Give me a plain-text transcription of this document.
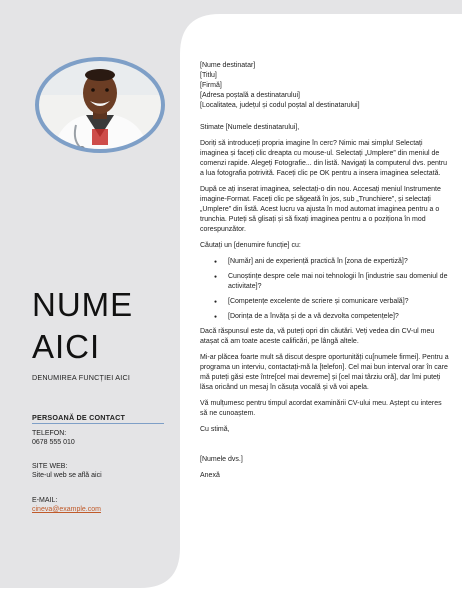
NUME
AICI
DENUMIREA FUNCȚIEI AICI
PERSOANĂ DE CONTACT
TELEFON:
0678 555 010
SITE WEB:
Site-ul web se află aici
E-MAIL:
cineva@example.com
[Nume destinatar]
[Titlu]
[Firmă]
[Adresa poștală a destinatarului]
[Localitatea, județul și codul poștal al destinatarului]

Stimate [Numele destinatarului],

Doriți să introduceți propria imagine în cerc? Nimic mai simplu! Selectați imaginea și faceți clic dreapta cu mouse-ul. Selectați „Umplere” din meniul de comenzi rapide. Alegeți Fotografie... din listă. Navigați la computerul dvs. pentru a lua fotografia potrivită. Faceți clic pe OK pentru a insera imaginea selectată.

După ce ați inserat imaginea, selectați-o din nou. Accesați meniul Instrumente imagine-Format. Faceți clic pe săgeată în jos, sub „Trunchiere”, și selectați „Umplere” din listă. Acest lucru va ajusta în mod automat imaginea pentru a o trunchia. Puteți să glisați și să fixați imaginea pentru a o poziționa în mod corespunzător.

Căutați un [denumire funcție] cu:

● [Număr] ani de experiență practică în [zona de expertiză]?
● Cunoștințe despre cele mai noi tehnologii în [industrie sau domeniul de activitate]?
● [Competențe excelente de scriere și comunicare verbală]?
● [Dorința de a învăța și de a vă dezvolta competențele]?

Dacă răspunsul este da, vă puteți opri din căutări. Veți vedea din CV-ul meu atașat că am toate aceste calificări, pe lângă altele.

Mi-ar plăcea foarte mult să discut despre oportunități cu[numele firmei]. Pentru a programa un interviu, contactați-mă la [telefon]. Cel mai bun interval orar în care mă puteți găsi este între[cel mai devreme] și [cel mai târziu oră], dar îmi puteți lăsa oricând un mesaj în căsuța vocală și vă voi apela.

Vă mulțumesc pentru timpul acordat examinării CV-ului meu. Aștept cu interes să ne cunoaștem.

Cu stimă,

[Numele dvs.]

Anexă
